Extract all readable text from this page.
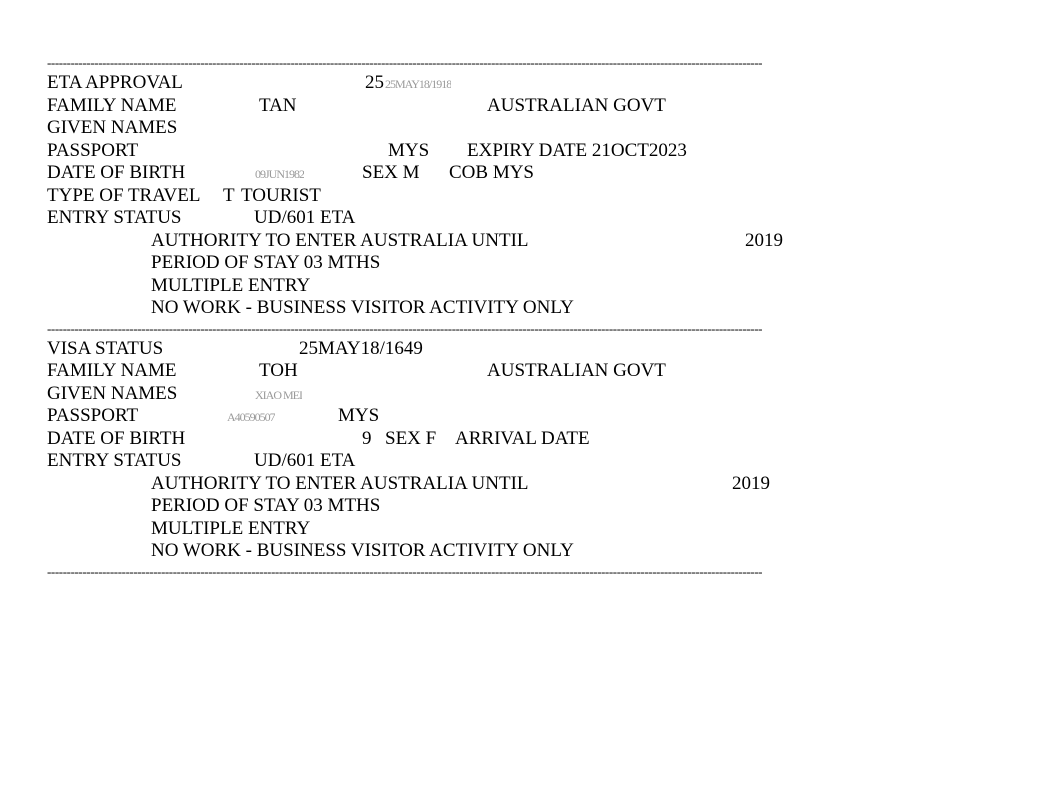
--------------------------------------------------------------------------------------------------------------------------------------------------------------------------------------
ETA APPROVAL	25 25MAY18/1918
FAMILY NAME	TAN	AUSTRALIAN GOVT
GIVEN NAMES
PASSPORT	MYS EXPIRY DATE 21OCT2023
DATE OF BIRTH	09JUN1982	SEX M COB MYS
TYPE OF TRAVEL T TOURIST
ENTRY STATUS	UD/601 ETA
AUTHORITY TO ENTER AUSTRALIA UNTIL	2019
PERIOD OF STAY 03 MTHS
MULTIPLE ENTRY
NO WORK - BUSINESS VISITOR ACTIVITY ONLY
--------------------------------------------------------------------------------------------------------------------------------------------------------------------------------------
VISA STATUS	25MAY18/1649
FAMILY NAME	TOH	AUSTRALIAN GOVT
GIVEN NAMES	XIAO MEI
PASSPORT	A40590507	MYS
DATE OF BIRTH	9 SEX F ARRIVAL DATE
ENTRY STATUS	UD/601 ETA
AUTHORITY TO ENTER AUSTRALIA UNTIL	2019
PERIOD OF STAY 03 MTHS
MULTIPLE ENTRY
NO WORK - BUSINESS VISITOR ACTIVITY ONLY
--------------------------------------------------------------------------------------------------------------------------------------------------------------------------------------
